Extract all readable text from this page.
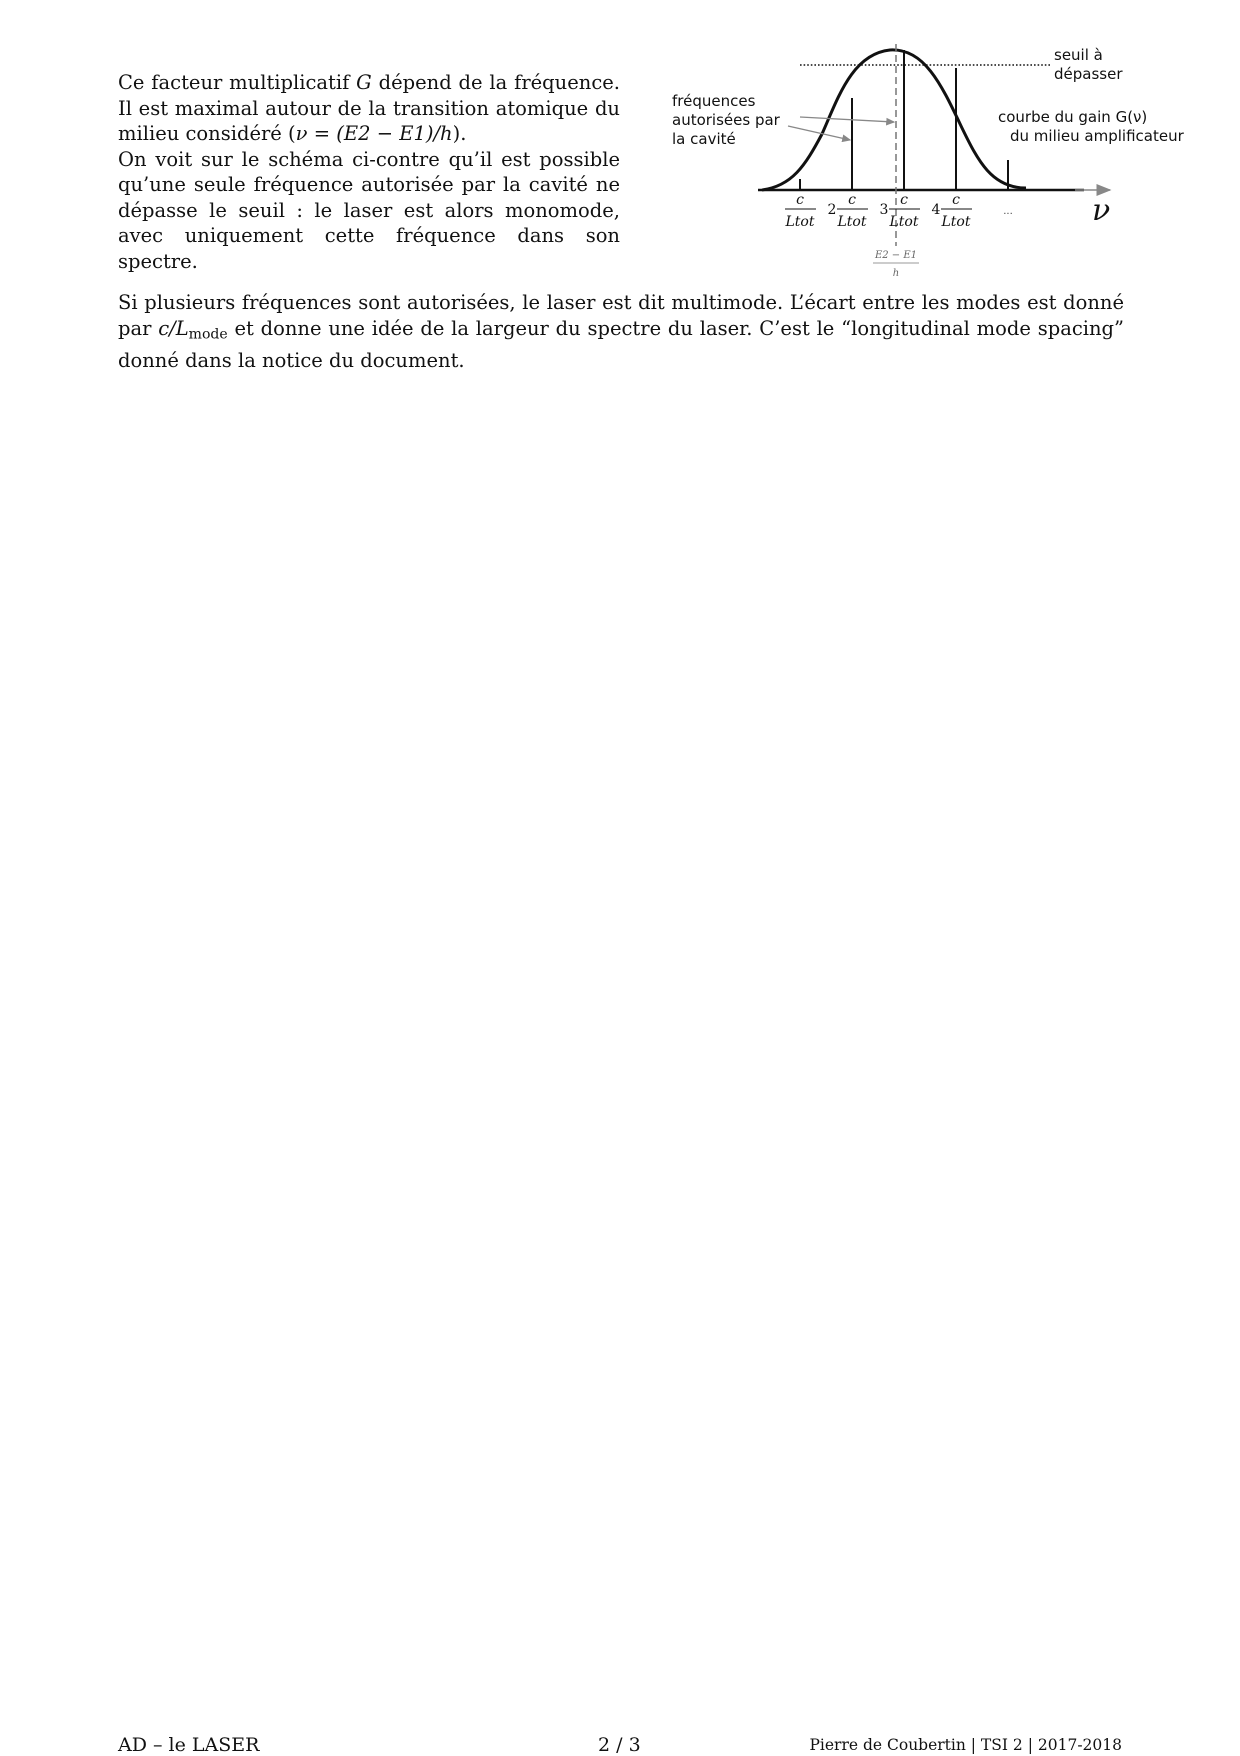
Ce facteur multiplicatif G dépend de la fréquence. Il est maximal autour de la transition atomique du milieu considéré (ν = (E2 − E1)/h).

On voit sur le schéma ci-contre qu’il est possible qu’une seule fréquence autorisée par la cavité ne dépasse le seuil : le laser est alors monomode, avec uniquement cette fréquence dans son spectre.

seuil à dépasser
fréquences autorisées par la cavité
courbe du gain G(ν) du milieu amplificateur
ν
c
Ltot
2
c
Ltot
3
c
Ltot
4
c
Ltot
...
E2 − E1
h

Si plusieurs fréquences sont autorisées, le laser est dit multimode. L’écart entre les modes est donné par $c/L_{mode}$ et donne une idée de la largeur du spectre du laser. C’est le “longitudinal mode spacing” donné dans la notice du document.

AD – le LASER	2 / 3	Pierre de Coubertin | TSI 2 | 2017-2018
